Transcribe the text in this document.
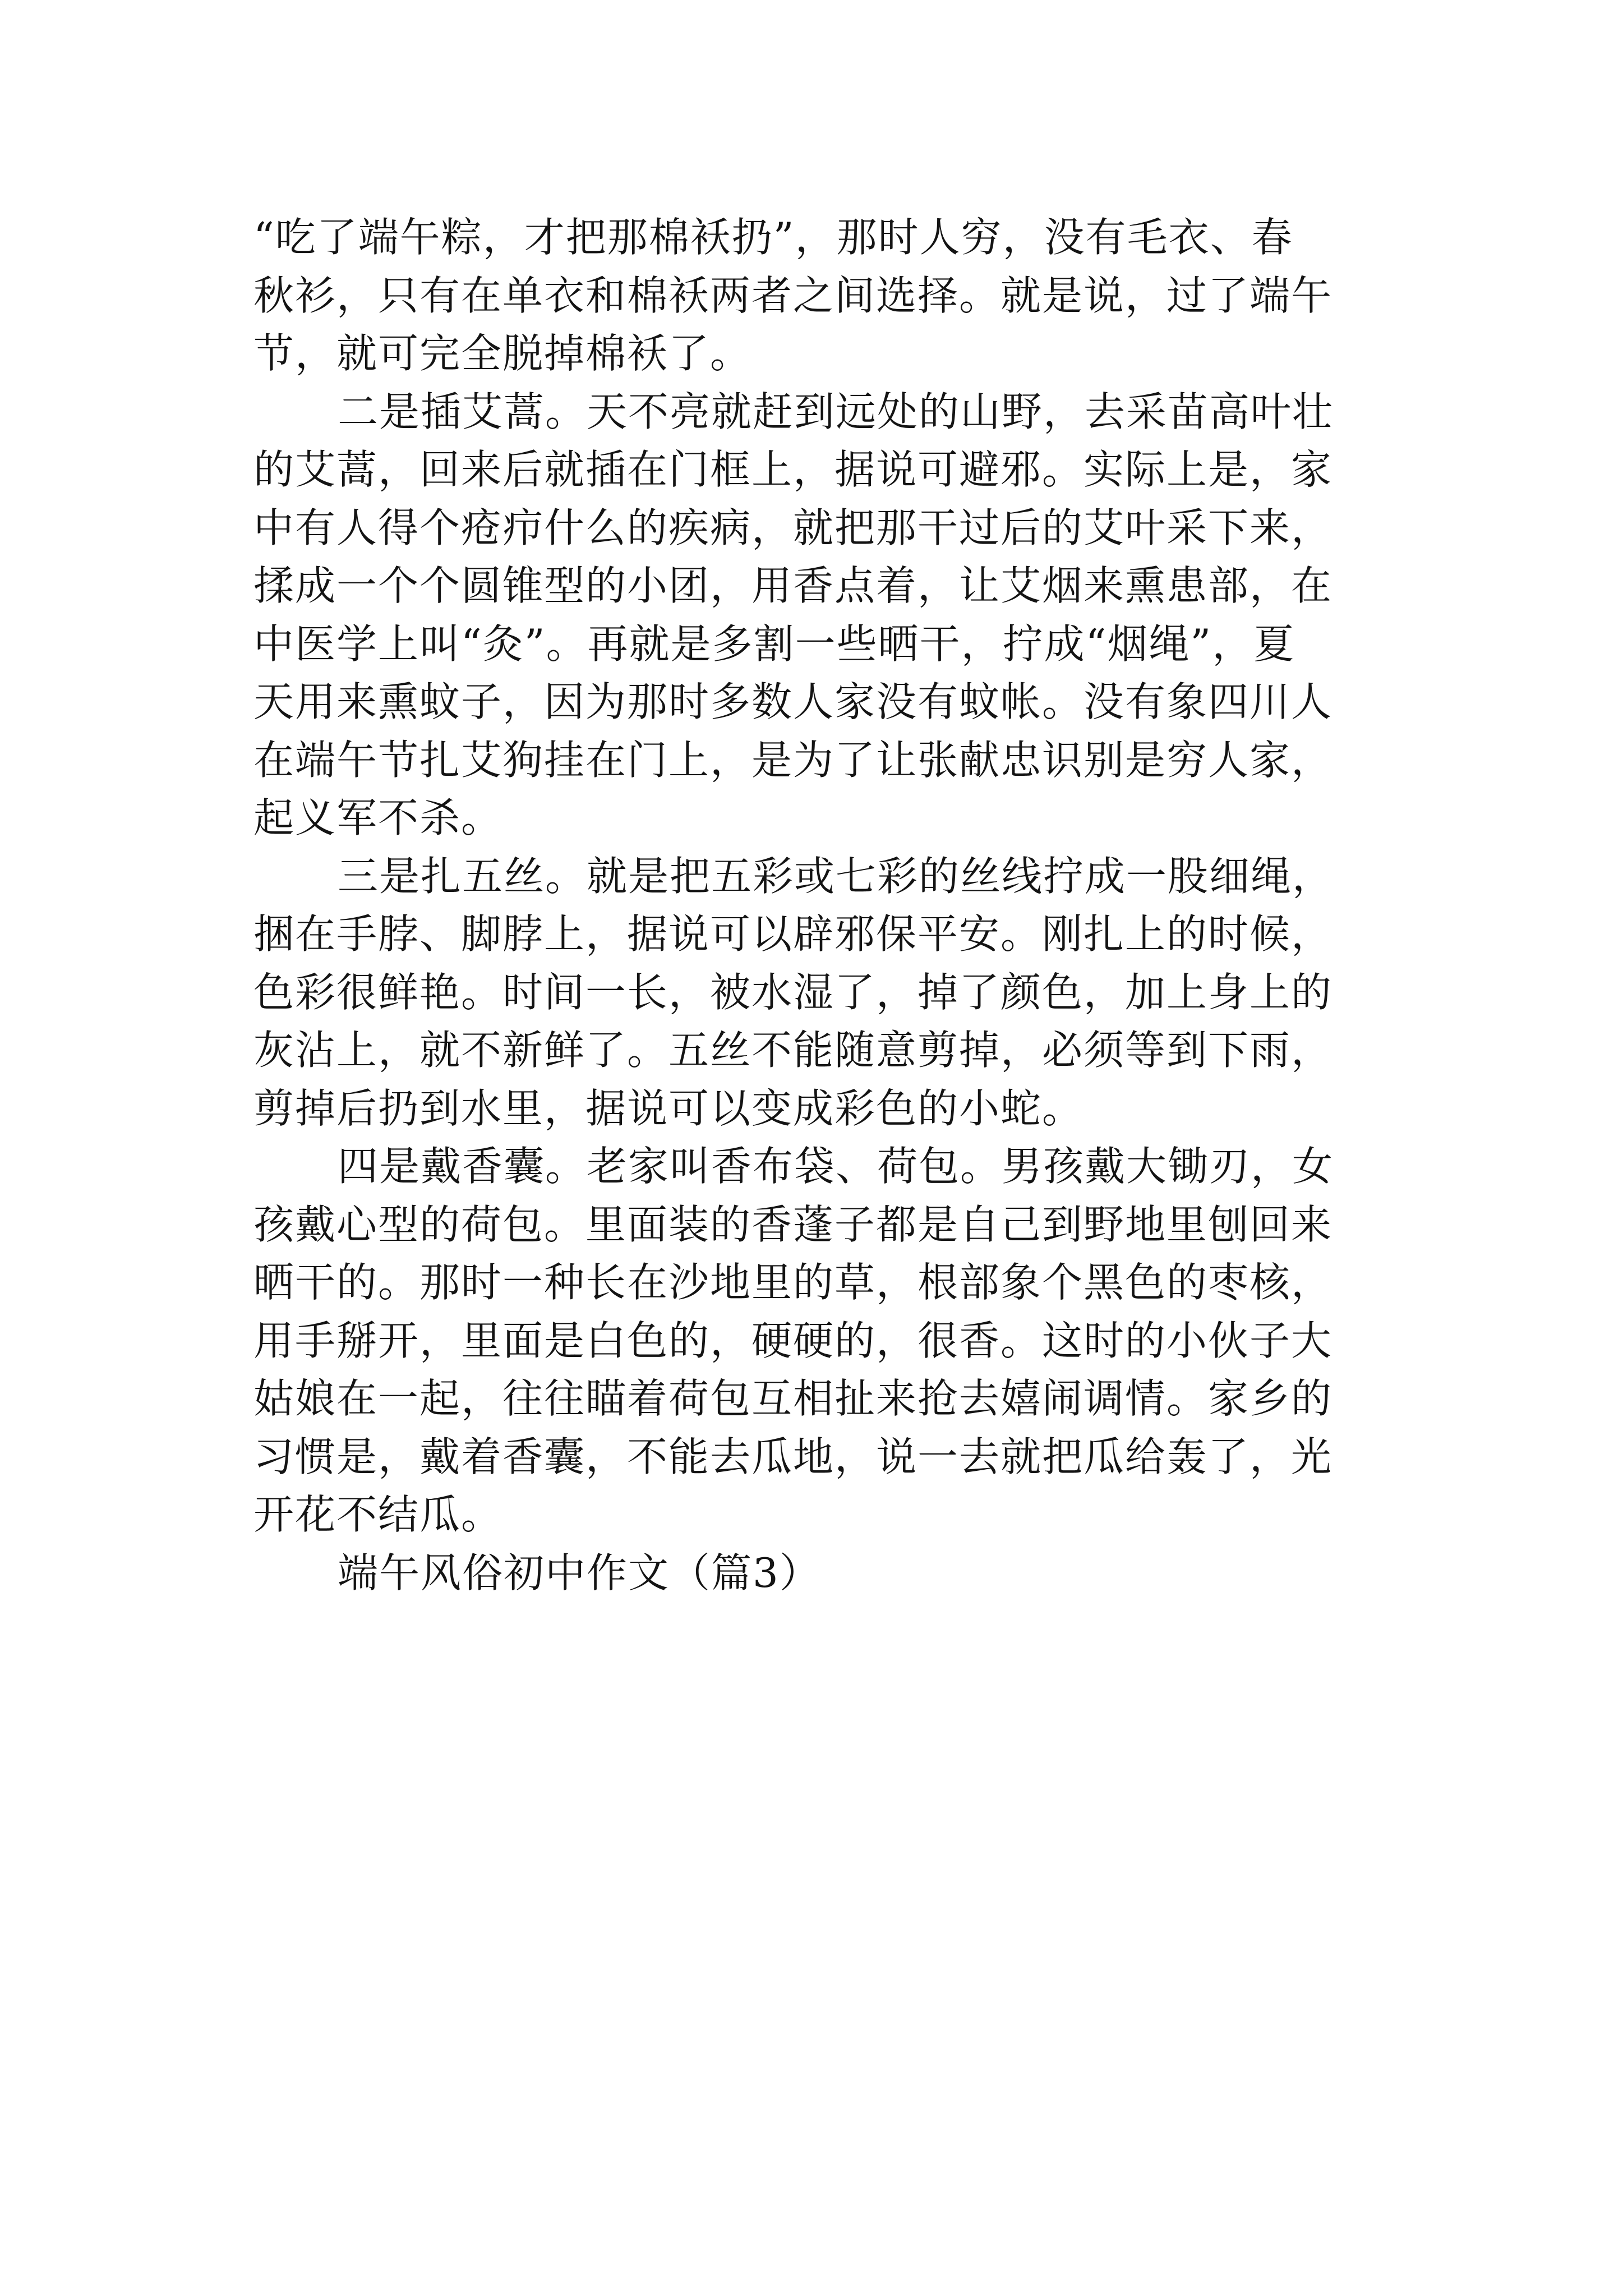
“吃了端午粽，才把那棉袄扔”，那时人穷，没有毛衣、春
秋衫，只有在单衣和棉袄两者之间选择。就是说，过了端午
节，就可完全脱掉棉袄了。
二是插艾蒿。天不亮就赶到远处的山野，去采苗高叶壮
的艾蒿，回来后就插在门框上，据说可避邪。实际上是，家
中有人得个疮疖什么的疾病，就把那干过后的艾叶采下来，
揉成一个个圆锥型的小团，用香点着，让艾烟来熏患部，在
中医学上叫“灸”。再就是多割一些晒干，拧成“烟绳”，夏
天用来熏蚊子，因为那时多数人家没有蚊帐。没有象四川人
在端午节扎艾狗挂在门上，是为了让张献忠识别是穷人家，
起义军不杀。
三是扎五丝。就是把五彩或七彩的丝线拧成一股细绳，
捆在手脖、脚脖上，据说可以辟邪保平安。刚扎上的时候，
色彩很鲜艳。时间一长，被水湿了，掉了颜色，加上身上的
灰沾上，就不新鲜了。五丝不能随意剪掉，必须等到下雨，
剪掉后扔到水里，据说可以变成彩色的小蛇。
四是戴香囊。老家叫香布袋、荷包。男孩戴大锄刃，女
孩戴心型的荷包。里面装的香蓬子都是自己到野地里刨回来
晒干的。那时一种长在沙地里的草，根部象个黑色的枣核，
用手掰开，里面是白色的，硬硬的，很香。这时的小伙子大
姑娘在一起，往往瞄着荷包互相扯来抢去嬉闹调情。家乡的
习惯是，戴着香囊，不能去瓜地，说一去就把瓜给轰了，光
开花不结瓜。
端午风俗初中作文（篇3）
